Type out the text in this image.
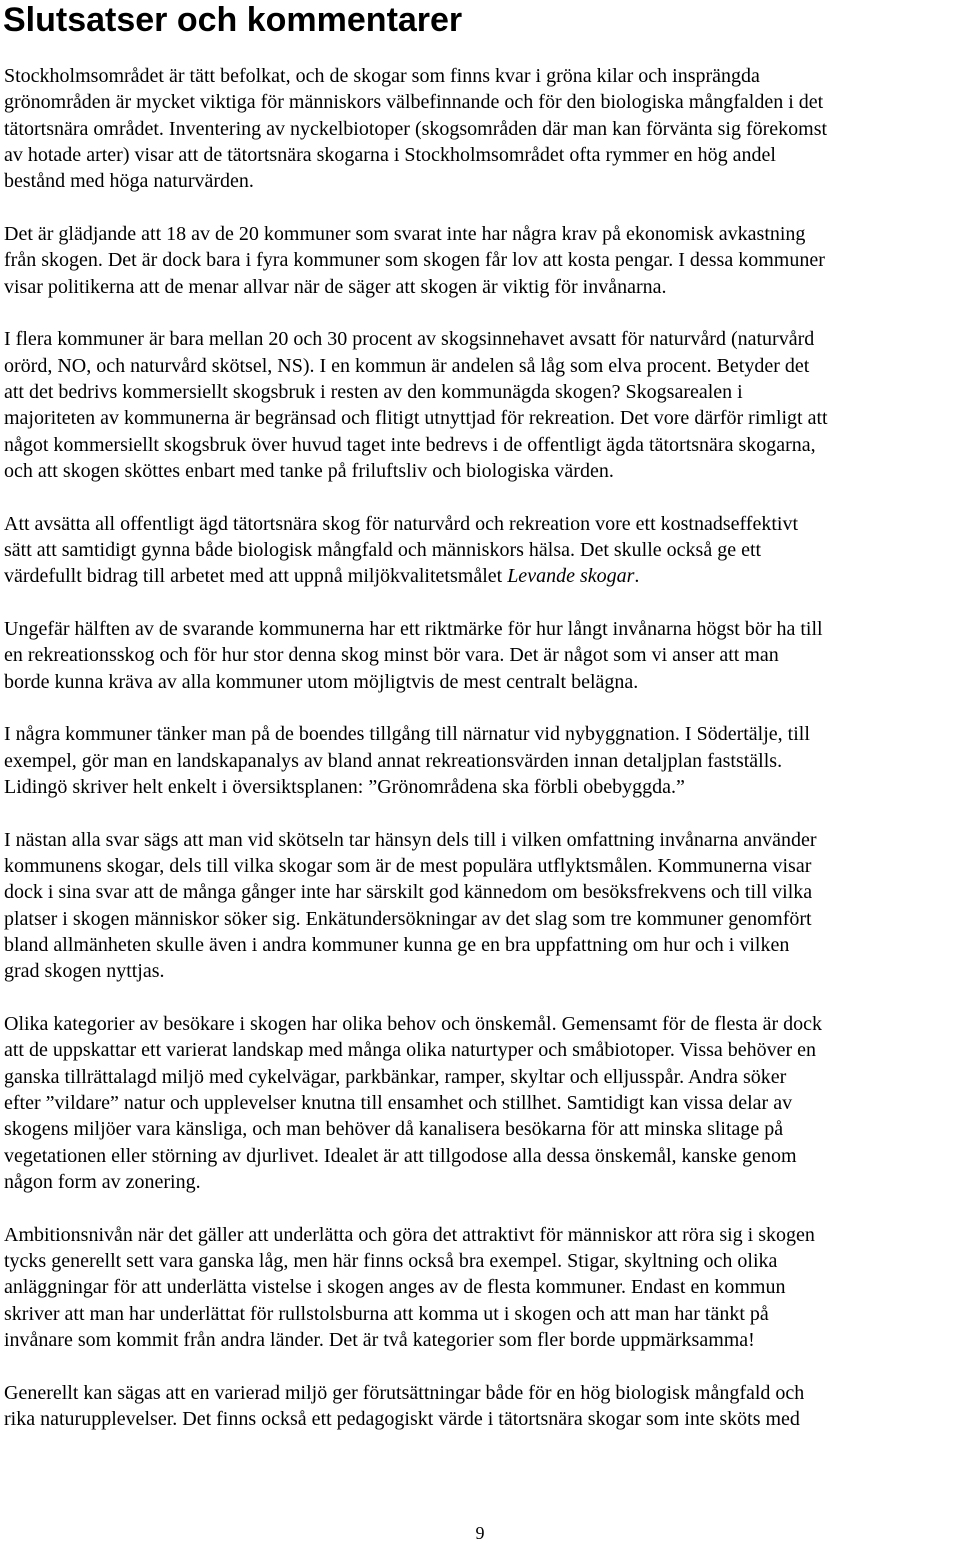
Slutsatser och kommentarer

Stockholmsområdet är tätt befolkat, och de skogar som finns kvar i gröna kilar och insprängda
grönområden är mycket viktiga för människors välbefinnande och för den biologiska mångfalden i det
tätortsnära området. Inventering av nyckelbiotoper (skogsområden där man kan förvänta sig förekomst
av hotade arter) visar att de tätortsnära skogarna i Stockholmsområdet ofta rymmer en hög andel
bestånd med höga naturvärden.

Det är glädjande att 18 av de 20 kommuner som svarat inte har några krav på ekonomisk avkastning
från skogen. Det är dock bara i fyra kommuner som skogen får lov att kosta pengar. I dessa kommuner
visar politikerna att de menar allvar när de säger att skogen är viktig för invånarna.

I flera kommuner är bara mellan 20 och 30 procent av skogsinnehavet avsatt för naturvård (naturvård
orörd, NO, och naturvård skötsel, NS). I en kommun är andelen så låg som elva procent. Betyder det
att det bedrivs kommersiellt skogsbruk i resten av den kommunägda skogen? Skogsarealen i
majoriteten av kommunerna är begränsad och flitigt utnyttjad för rekreation. Det vore därför rimligt att
något kommersiellt skogsbruk över huvud taget inte bedrevs i de offentligt ägda tätortsnära skogarna,
och att skogen sköttes enbart med tanke på friluftsliv och biologiska värden.

Att avsätta all offentligt ägd tätortsnära skog för naturvård och rekreation vore ett kostnadseffektivt
sätt att samtidigt gynna både biologisk mångfald och människors hälsa. Det skulle också ge ett
värdefullt bidrag till arbetet med att uppnå miljökvalitetsmålet Levande skogar.

Ungefär hälften av de svarande kommunerna har ett riktmärke för hur långt invånarna högst bör ha till
en rekreationsskog och för hur stor denna skog minst bör vara. Det är något som vi anser att man
borde kunna kräva av alla kommuner utom möjligtvis de mest centralt belägna.

I några kommuner tänker man på de boendes tillgång till närnatur vid nybyggnation. I Södertälje, till
exempel, gör man en landskapanalys av bland annat rekreationsvärden innan detaljplan fastställs.
Lidingö skriver helt enkelt i översiktsplanen: ”Grönområdena ska förbli obebyggda.”

I nästan alla svar sägs att man vid skötseln tar hänsyn dels till i vilken omfattning invånarna använder
kommunens skogar, dels till vilka skogar som är de mest populära utflyktsmålen. Kommunerna visar
dock i sina svar att de många gånger inte har särskilt god kännedom om besöksfrekvens och till vilka
platser i skogen människor söker sig. Enkätundersökningar av det slag som tre kommuner genomfört
bland allmänheten skulle även i andra kommuner kunna ge en bra uppfattning om hur och i vilken
grad skogen nyttjas.

Olika kategorier av besökare i skogen har olika behov och önskemål. Gemensamt för de flesta är dock
att de uppskattar ett varierat landskap med många olika naturtyper och småbiotoper. Vissa behöver en
ganska tillrättalagd miljö med cykelvägar, parkbänkar, ramper, skyltar och elljusspår. Andra söker
efter ”vildare” natur och upplevelser knutna till ensamhet och stillhet. Samtidigt kan vissa delar av
skogens miljöer vara känsliga, och man behöver då kanalisera besökarna för att minska slitage på
vegetationen eller störning av djurlivet. Idealet är att tillgodose alla dessa önskemål, kanske genom
någon form av zonering.

Ambitionsnivån när det gäller att underlätta och göra det attraktivt för människor att röra sig i skogen
tycks generellt sett vara ganska låg, men här finns också bra exempel. Stigar, skyltning och olika
anläggningar för att underlätta vistelse i skogen anges av de flesta kommuner. Endast en kommun
skriver att man har underlättat för rullstolsburna att komma ut i skogen och att man har tänkt på
invånare som kommit från andra länder. Det är två kategorier som fler borde uppmärksamma!

Generellt kan sägas att en varierad miljö ger förutsättningar både för en hög biologisk mångfald och
rika naturupplevelser. Det finns också ett pedagogiskt värde i tätortsnära skogar som inte sköts med

9
